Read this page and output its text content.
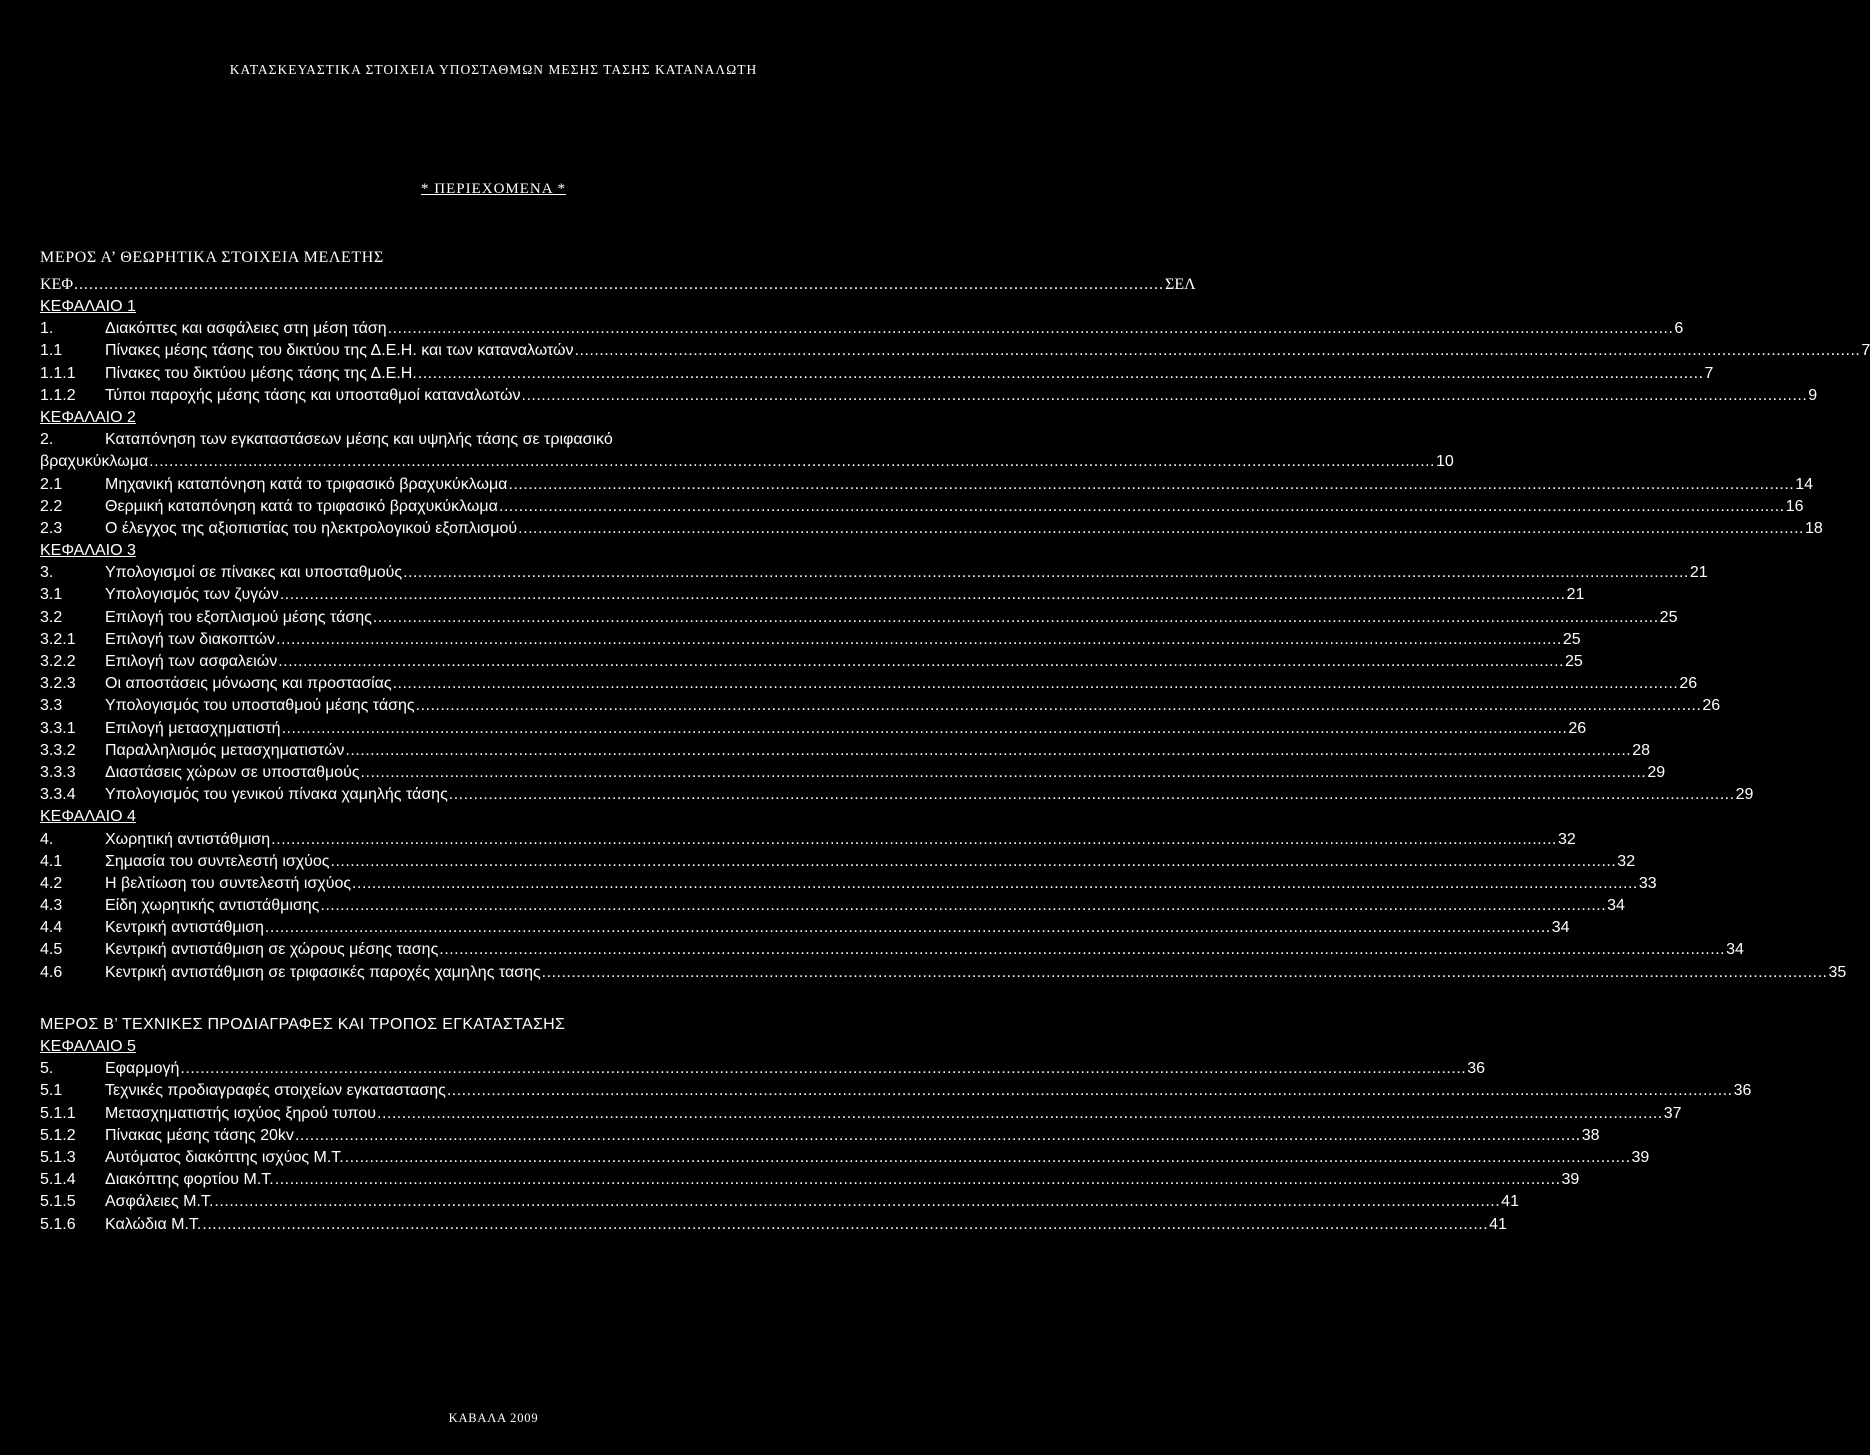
ΚΑΤΑΣΚΕΥΑΣΤΙΚΑ ΣΤΟΙΧΕΙΑ ΥΠΟΣΤΑΘΜΩΝ ΜΕΣΗΣ ΤΑΣΗΣ ΚΑΤΑΝΑΛΩΤΗ
* ΠΕΡΙΕΧΟΜΕΝΑ *
ΜΕΡΟΣ Α’ ΘΕΩΡΗΤΙΚΑ ΣΤΟΙΧΕΙΑ ΜΕΛΕΤΗΣ
ΚΕΦ .......................................................................................................................................................................................................................... ΣΕΛ
ΚΕΦΑΛΑΙΟ 1
1.	Διακόπτες και ασφάλειες στη μέση τάση .................................................................................................................................................................................................................................................................... 6
1.1	Πίνακες μέσης τάσης του δικτύου της Δ.Ε.Η. και των καταναλωτών .................................................................................................................................................................................................................................................................... 7
1.1.1	Πίνακες του δικτύου μέσης τάσης της Δ.Ε.Η. .................................................................................................................................................................................................................................................................... 7
1.1.2	Τύποι παροχής μέσης τάσης και υποσταθμοί καταναλωτών .................................................................................................................................................................................................................................................................... 9
ΚΕΦΑΛΑΙΟ 2
2.	Καταπόνηση των εγκαταστάσεων μέσης και υψηλής τάσης σε τριφασικό
βραχυκύκλωμα .................................................................................................................................................................................................................................................................... 10
2.1	Μηχανική καταπόνηση κατά το τριφασικό βραχυκύκλωμα .................................................................................................................................................................................................................................................................... 14
2.2	Θερμική καταπόνηση κατά το τριφασικό βραχυκύκλωμα .................................................................................................................................................................................................................................................................... 16
2.3	Ο έλεγχος της αξιοπιστίας του ηλεκτρολογικού εξοπλισμού .................................................................................................................................................................................................................................................................... 18
ΚΕΦΑΛΑΙΟ 3
3.	Υπολογισμοί σε πίνακες και υποσταθμούς .................................................................................................................................................................................................................................................................... 21
3.1	Υπολογισμός των ζυγών .................................................................................................................................................................................................................................................................... 21
3.2	Επιλογή του εξοπλισμού μέσης τάσης .................................................................................................................................................................................................................................................................... 25
3.2.1	Επιλογή των διακοπτών .................................................................................................................................................................................................................................................................... 25
3.2.2	Επιλογή των ασφαλειών .................................................................................................................................................................................................................................................................... 25
3.2.3	Οι αποστάσεις μόνωσης και προστασίας .................................................................................................................................................................................................................................................................... 26
3.3	Υπολογισμός του υποσταθμού μέσης τάσης .................................................................................................................................................................................................................................................................... 26
3.3.1	Επιλογή μετασχηματιστή .................................................................................................................................................................................................................................................................... 26
3.3.2	Παραλληλισμός μετασχηματιστών .................................................................................................................................................................................................................................................................... 28
3.3.3	Διαστάσεις χώρων σε υποσταθμούς .................................................................................................................................................................................................................................................................... 29
3.3.4	Υπολογισμός του γενικού πίνακα χαμηλής τάσης .................................................................................................................................................................................................................................................................... 29
ΚΕΦΑΛΑΙΟ 4
4.	Χωρητική αντιστάθμιση .................................................................................................................................................................................................................................................................... 32
4.1	Σημασία του συντελεστή ισχύος .................................................................................................................................................................................................................................................................... 32
4.2	Η βελτίωση του συντελεστή ισχύος .................................................................................................................................................................................................................................................................... 33
4.3	Είδη χωρητικής αντιστάθμισης .................................................................................................................................................................................................................................................................... 34
4.4	Κεντρική αντιστάθμιση .................................................................................................................................................................................................................................................................... 34
4.5	Κεντρική αντιστάθμιση σε χώρους μέσης τασης .................................................................................................................................................................................................................................................................... 34
4.6	Κεντρική αντιστάθμιση σε τριφασικές παροχές χαμηλης τασης .................................................................................................................................................................................................................................................................... 35
ΜΕΡΟΣ Β’ ΤΕΧΝΙΚΕΣ ΠΡΟΔΙΑΓΡΑΦΕΣ ΚΑΙ ΤΡΟΠΟΣ ΕΓΚΑΤΑΣΤΑΣΗΣ
ΚΕΦΑΛΑΙΟ 5
5.	Εφαρμογή .................................................................................................................................................................................................................................................................... 36
5.1	Τεχνικές προδιαγραφές στοιχείων εγκαταστασης .................................................................................................................................................................................................................................................................... 36
5.1.1	Μετασχηματιστής ισχύος ξηρού τυπου .................................................................................................................................................................................................................................................................... 37
5.1.2	Πίνακας μέσης τάσης 20kv .................................................................................................................................................................................................................................................................... 38
5.1.3	Αυτόματος διακόπτης ισχύος Μ.Τ. .................................................................................................................................................................................................................................................................... 39
5.1.4	Διακόπτης φορτίου Μ.Τ. .................................................................................................................................................................................................................................................................... 39
5.1.5	Ασφάλειες Μ.Τ. .................................................................................................................................................................................................................................................................... 41
5.1.6	Καλώδια Μ.Τ. .................................................................................................................................................................................................................................................................... 41
ΚΑΒΑΛΑ 2009
